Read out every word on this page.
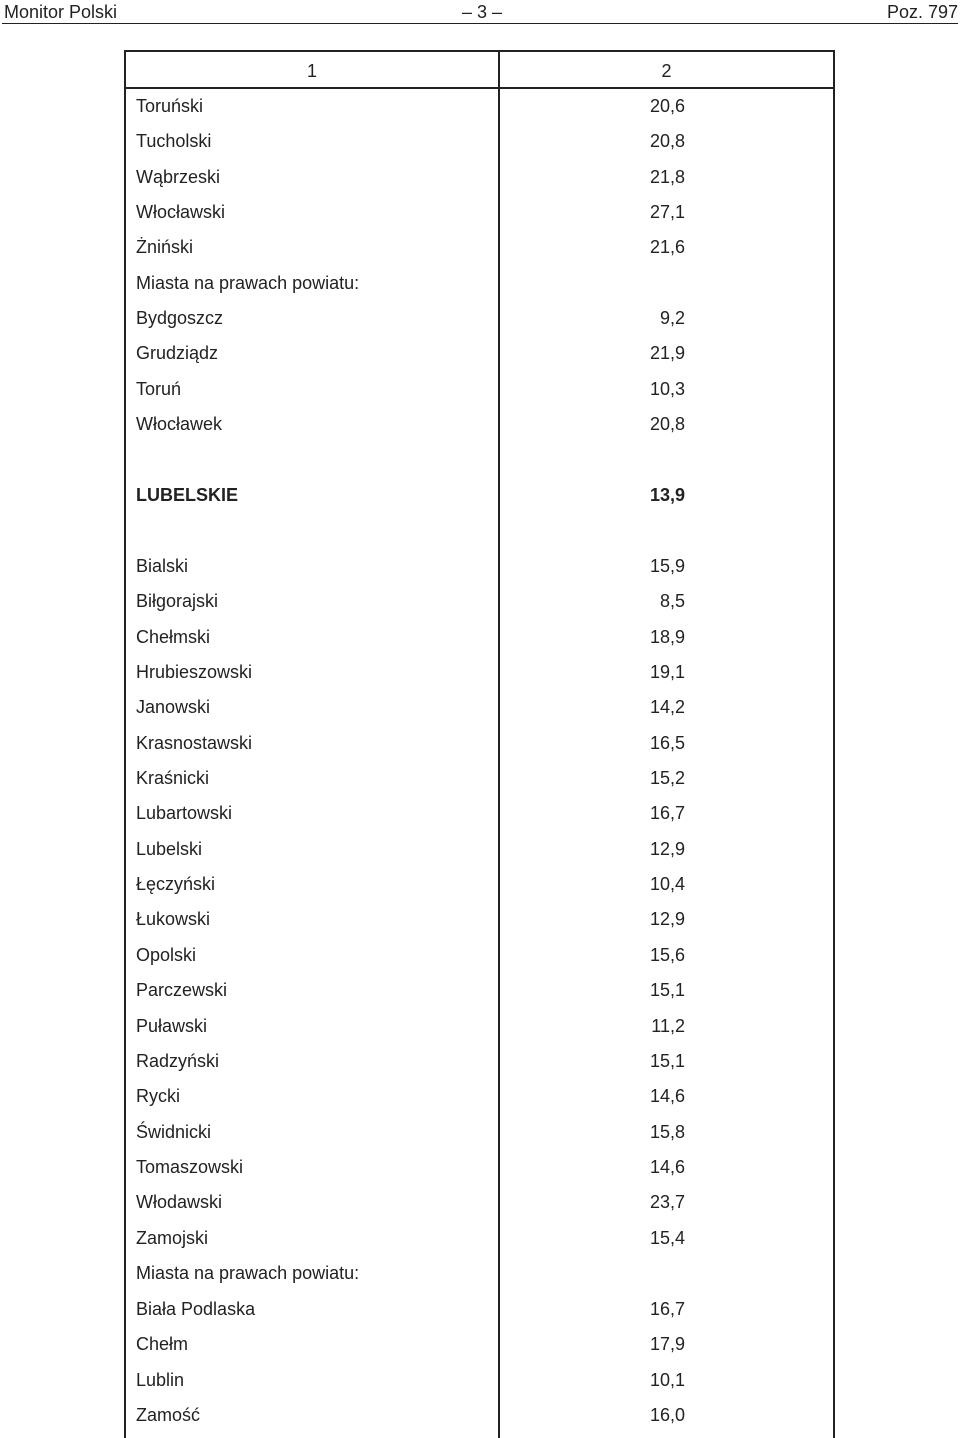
Monitor Polski	– 3 –	Poz. 797
1	2
Toruński	20,6
Tucholski	20,8
Wąbrzeski	21,8
Włocławski	27,1
Żniński	21,6
Miasta na prawach powiatu:
Bydgoszcz	9,2
Grudziądz	21,9
Toruń	10,3
Włocławek	20,8
LUBELSKIE	13,9
Bialski	15,9
Biłgorajski	8,5
Chełmski	18,9
Hrubieszowski	19,1
Janowski	14,2
Krasnostawski	16,5
Kraśnicki	15,2
Lubartowski	16,7
Lubelski	12,9
Łęczyński	10,4
Łukowski	12,9
Opolski	15,6
Parczewski	15,1
Puławski	11,2
Radzyński	15,1
Rycki	14,6
Świdnicki	15,8
Tomaszowski	14,6
Włodawski	23,7
Zamojski	15,4
Miasta na prawach powiatu:
Biała Podlaska	16,7
Chełm	17,9
Lublin	10,1
Zamość	16,0
